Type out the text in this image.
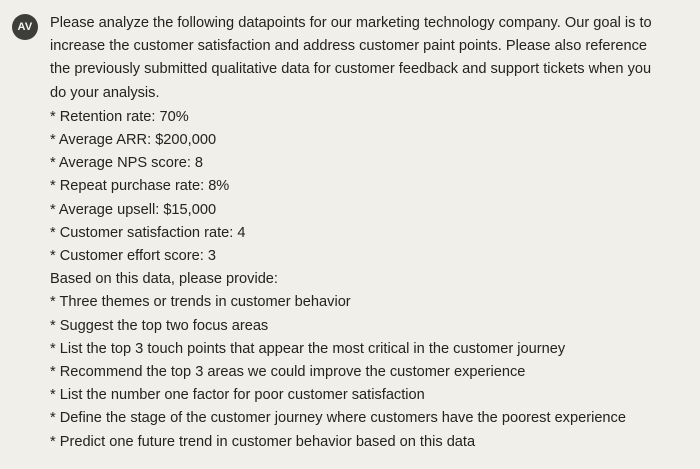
AV	Please analyze the following datapoints for our marketing technology company. Our goal is to increase the customer satisfaction and address customer paint points. Please also reference the previously submitted qualitative data for customer feedback and support tickets when you do your analysis.

* Retention rate: 70%

* Average ARR: $200,000

* Average NPS score: 8

* Repeat purchase rate: 8%

* Average upsell: $15,000

* Customer satisfaction rate: 4

* Customer effort score: 3

Based on this data, please provide:

* Three themes or trends in customer behavior

* Suggest the top two focus areas

* List the top 3 touch points that appear the most critical in the customer journey

* Recommend the top 3 areas we could improve the customer experience

* List the number one factor for poor customer satisfaction

* Define the stage of the customer journey where customers have the poorest experience

* Predict one future trend in customer behavior based on this data
